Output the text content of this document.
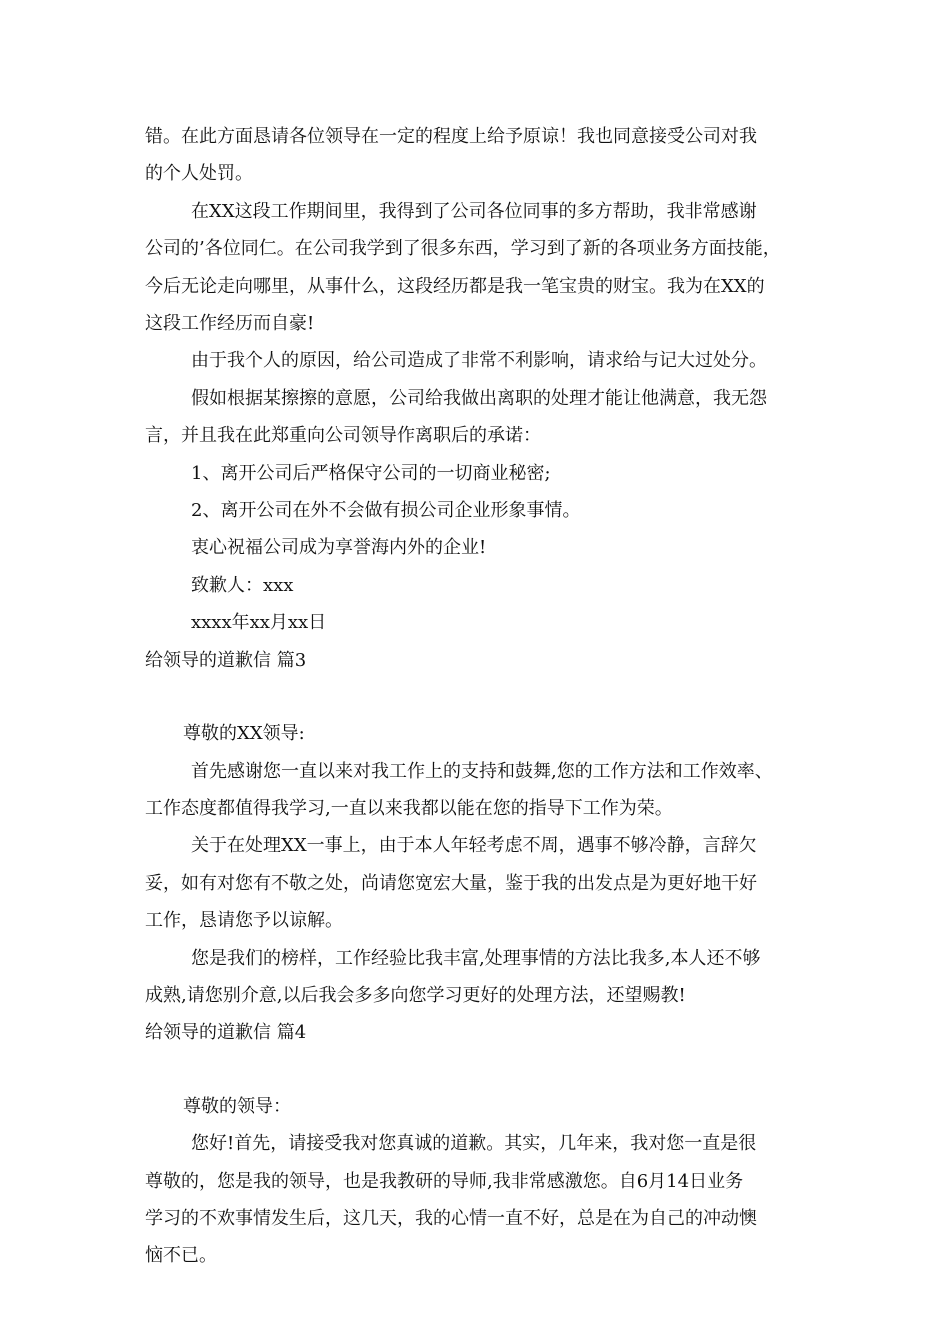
错。在此方面恳请各位领导在一定的程度上给予原谅！我也同意接受公司对我

的个人处罚。

在XX这段工作期间里，我得到了公司各位同事的多方帮助，我非常感谢

公司的’各位同仁。在公司我学到了很多东西，学习到了新的各项业务方面技能，

今后无论走向哪里，从事什么，这段经历都是我一笔宝贵的财宝。我为在XX的

这段工作经历而自豪!

由于我个人的原因，给公司造成了非常不利影响，请求给与记大过处分。

假如根据某擦擦的意愿，公司给我做出离职的处理才能让他满意，我无怨

言，并且我在此郑重向公司领导作离职后的承诺：

1、离开公司后严格保守公司的一切商业秘密;

2、离开公司在外不会做有损公司企业形象事情。

衷心祝福公司成为享誉海内外的企业!

致歉人：xxx

xxxx年xx月xx日

给领导的道歉信 篇3

尊敬的XX领导:

首先感谢您一直以来对我工作上的支持和鼓舞,您的工作方法和工作效率、

工作态度都值得我学习,一直以来我都以能在您的指导下工作为荣。

关于在处理XX一事上，由于本人年轻考虑不周，遇事不够冷静，言辞欠

妥，如有对您有不敬之处，尚请您宽宏大量，鉴于我的出发点是为更好地干好

工作，恳请您予以谅解。

您是我们的榜样，工作经验比我丰富,处理事情的方法比我多,本人还不够

成熟,请您别介意,以后我会多多向您学习更好的处理方法，还望赐教!

给领导的道歉信 篇4

尊敬的领导：

您好!首先，请接受我对您真诚的道歉。其实，几年来，我对您一直是很

尊敬的，您是我的领导，也是我教研的导师,我非常感激您。自6月14日业务

学习的不欢事情发生后，这几天，我的心情一直不好，总是在为自己的冲动懊

恼不已。
